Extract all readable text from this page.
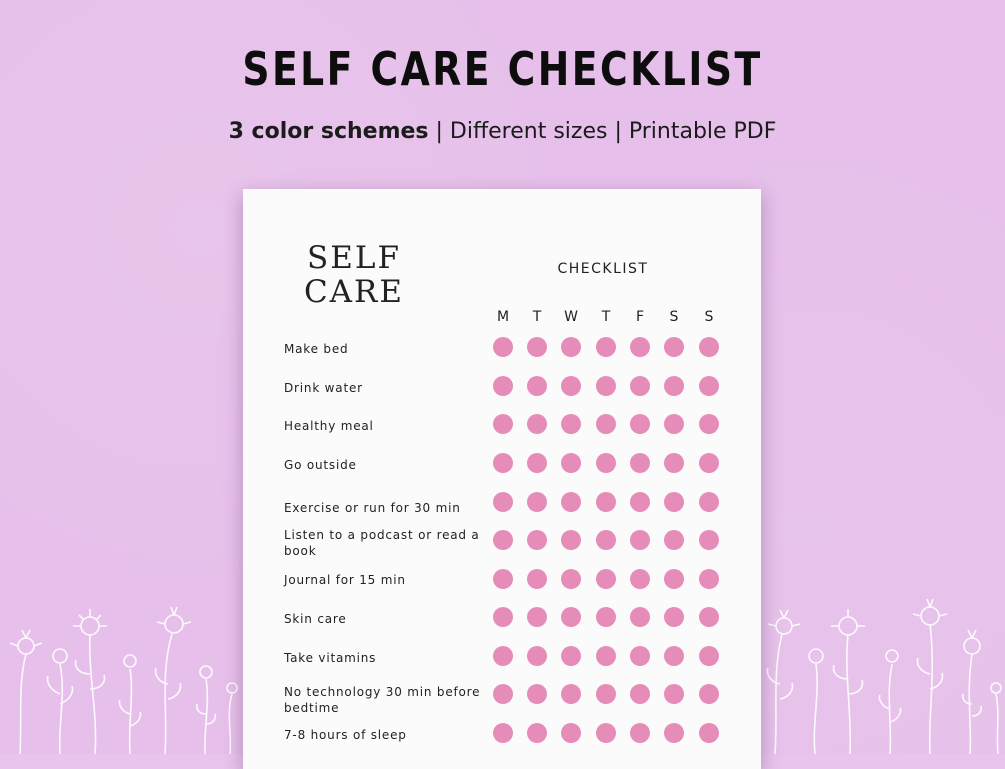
SELF CARE CHECKLIST
3 color schemes | Different sizes | Printable PDF
SELF
CARE
CHECKLIST
M	T	W	T	F	S	S
Make bed
Drink water
Healthy meal
Go outside
Exercise or run for 30 min
Listen to a podcast or read a book
Journal for 15 min
Skin care
Take vitamins
No technology 30 min before bedtime
7-8 hours of sleep
